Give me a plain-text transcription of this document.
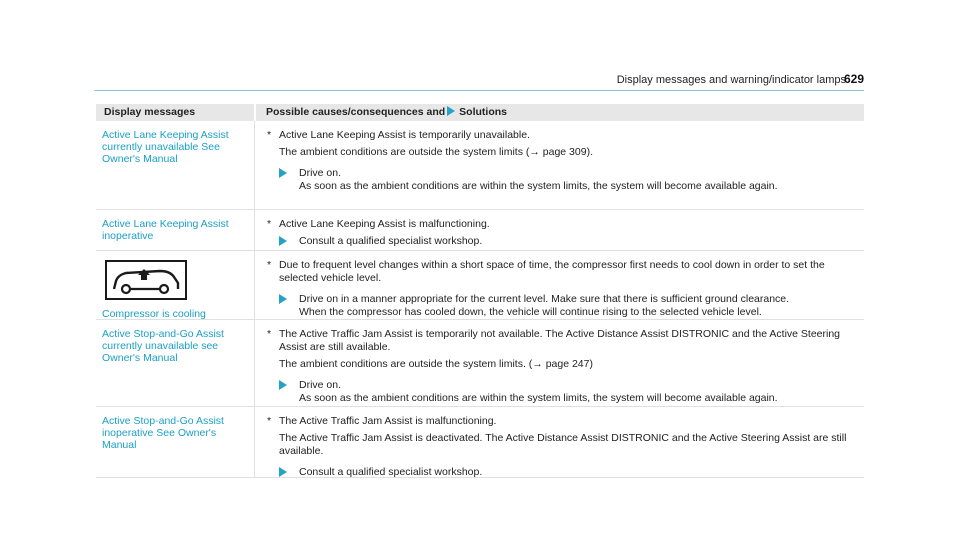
Display messages and warning/indicator lamps
629
Display messages	Possible causes/consequences and Solutions
Active Lane Keeping Assist currently unavailable See Owner's Manual
* Active Lane Keeping Assist is temporarily unavailable.
The ambient conditions are outside the system limits (→ page 309).
Drive on.
As soon as the ambient conditions are within the system limits, the system will become available again.
Active Lane Keeping Assist inoperative
* Active Lane Keeping Assist is malfunctioning.
Consult a qualified specialist workshop.
Compressor is cooling
* Due to frequent level changes within a short space of time, the compressor first needs to cool down in order to set the selected vehicle level.
Drive on in a manner appropriate for the current level. Make sure that there is sufficient ground clearance.
When the compressor has cooled down, the vehicle will continue rising to the selected vehicle level.
Active Stop-and-Go Assist currently unavailable see Owner's Manual
* The Active Traffic Jam Assist is temporarily not available. The Active Distance Assist DISTRONIC and the Active Steering Assist are still available.
The ambient conditions are outside the system limits. (→ page 247)
Drive on.
As soon as the ambient conditions are within the system limits, the system will become available again.
Active Stop-and-Go Assist inoperative See Owner's Manual
* The Active Traffic Jam Assist is malfunctioning.
The Active Traffic Jam Assist is deactivated. The Active Distance Assist DISTRONIC and the Active Steering Assist are still available.
Consult a qualified specialist workshop.
